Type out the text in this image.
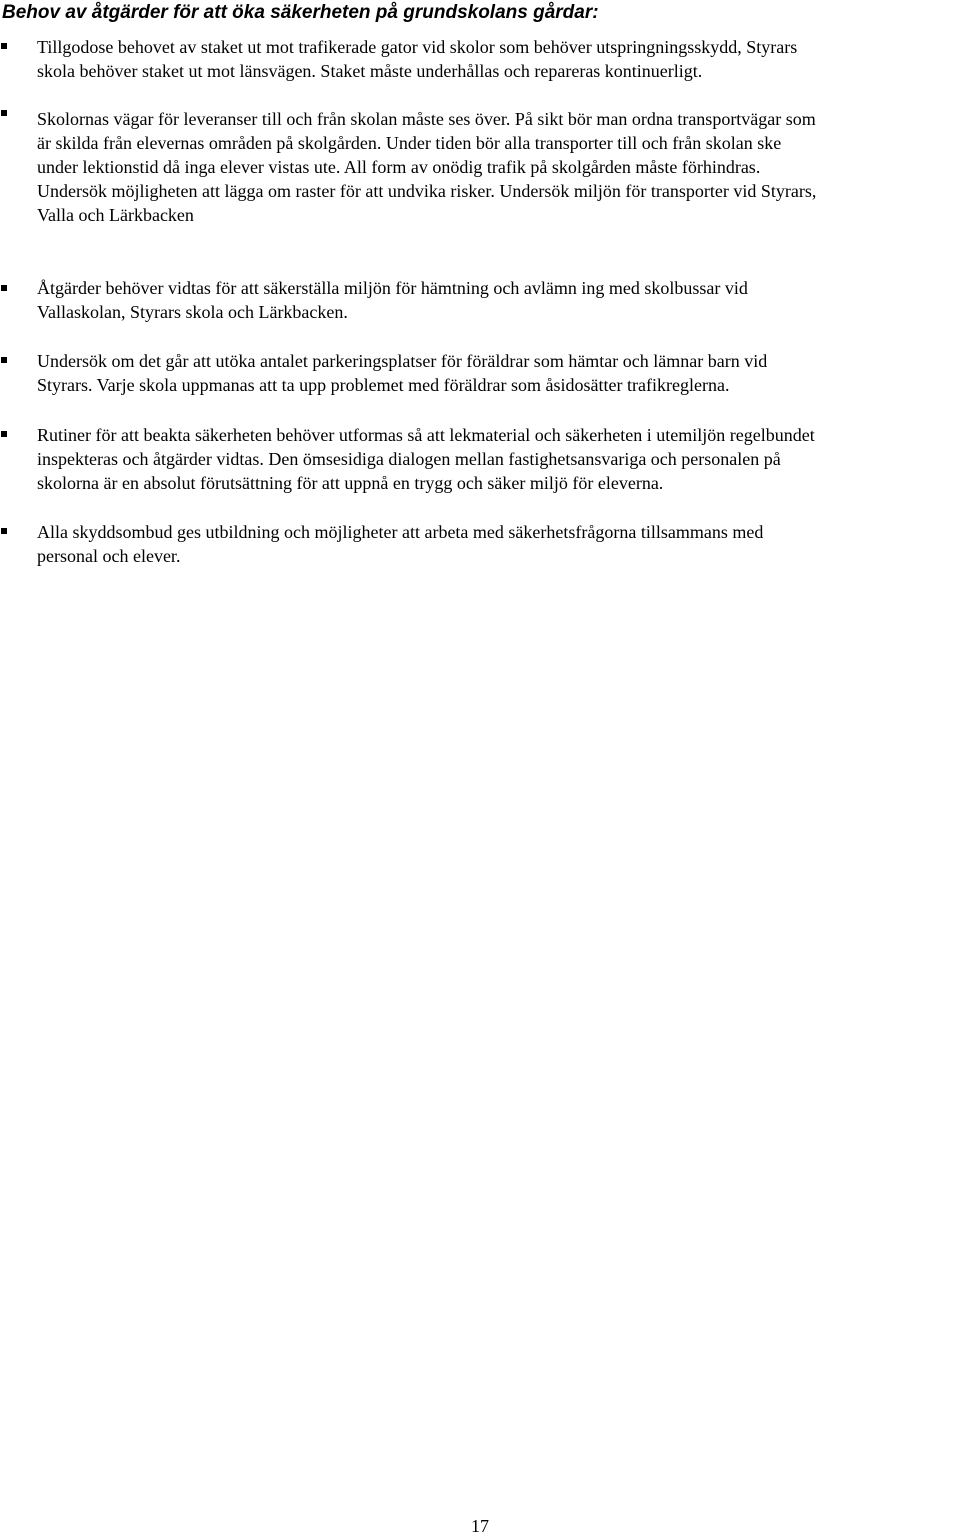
Behov av åtgärder för att öka säkerheten på grundskolans gårdar:

Tillgodose behovet av staket ut mot trafikerade gator vid skolor som behöver utspringningsskydd, Styrars
skola behöver staket ut mot länsvägen. Staket måste underhållas och repareras kontinuerligt.

Skolornas vägar för leveranser till och från skolan måste ses över. På sikt bör man ordna transportvägar som
är skilda från elevernas områden på skolgården. Under tiden bör alla transporter till och från skolan ske
under lektionstid då inga elever vistas ute. All form av onödig trafik på skolgården måste förhindras.
Undersök möjligheten att lägga om raster för att undvika risker. Undersök miljön för transporter vid Styrars,
Valla och Lärkbacken

Åtgärder behöver vidtas för att säkerställa miljön för hämtning och avlämn ing med skolbussar vid
Vallaskolan, Styrars skola och Lärkbacken.

Undersök om det går att utöka antalet parkeringsplatser för föräldrar som hämtar och lämnar barn vid
Styrars. Varje skola uppmanas att ta upp problemet med föräldrar som åsidosätter trafikreglerna.

Rutiner för att beakta säkerheten behöver utformas så att lekmaterial och säkerheten i utemiljön regelbundet
inspekteras och åtgärder vidtas. Den ömsesidiga dialogen mellan fastighetsansvariga och personalen på
skolorna är en absolut förutsättning för att uppnå en trygg och säker miljö för eleverna.

Alla skyddsombud ges utbildning och möjligheter att arbeta med säkerhetsfrågorna tillsammans med
personal och elever.

17
